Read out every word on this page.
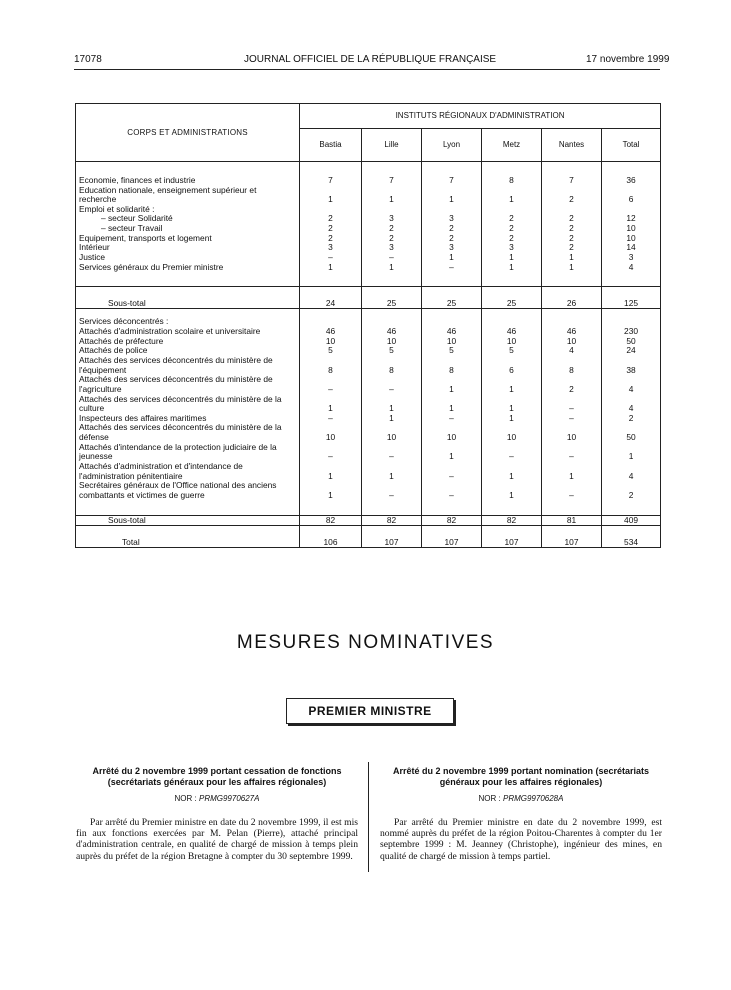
17078	JOURNAL OFFICIEL DE LA RÉPUBLIQUE FRANÇAISE	17 novembre 1999
CORPS ET ADMINISTRATIONS	INSTITUTS RÉGIONAUX D'ADMINISTRATION					
	Bastia	Lille	Lyon	Metz	Nantes	Total
Economie, finances et industrie	7	7	7	8	7	36
Education nationale, enseignement supérieur et recherche	1	1	1	1	2	6
Emploi et solidarité :						
– secteur Solidarité	2	3	3	2	2	12
– secteur Travail	2	2	2	2	2	10
Equipement, transports et logement	2	2	2	2	2	10
Intérieur	3	3	3	3	2	14
Justice	–	–	1	1	1	3
Services généraux du Premier ministre	1	1	–	1	1	4

Sous-total	24	25	25	25	26	125
Services déconcentrés :						
Attachés d'administration scolaire et universitaire	46	46	46	46	46	230
Attachés de préfecture	10	10	10	10	10	50
Attachés de police	5	5	5	5	4	24
Attachés des services déconcentrés du ministère de l'équipement	8	8	8	6	8	38
Attachés des services déconcentrés du ministère de l'agriculture	–	–	1	1	2	4
Attachés des services déconcentrés du ministère de la culture	1	1	1	1	–	4
Inspecteurs des affaires maritimes	–	1	–	1	–	2
Attachés des services déconcentrés du ministère de la défense	10	10	10	10	10	50
Attachés d'intendance de la protection judiciaire de la jeunesse	–	–	1	–	–	1
Attachés d'administration et d'intendance de l'administration pénitentiaire	1	1	–	1	1	4
Secrétaires généraux de l'Office national des anciens combattants et victimes de guerre	1	–	–	1	–	2

Sous-total	82	82	82	82	81	409
Total	106	107	107	107	107	534
MESURES NOMINATIVES
PREMIER MINISTRE
Arrêté du 2 novembre 1999 portant cessation de fonctions (secrétariats généraux pour les affaires régionales)
NOR : PRMG9970627A
Par arrêté du Premier ministre en date du 2 novembre 1999, il est mis fin aux fonctions exercées par M. Pelan (Pierre), attaché principal d'administration centrale, en qualité de chargé de mission à temps plein auprès du préfet de la région Bretagne à compter du 30 septembre 1999.
Arrêté du 2 novembre 1999 portant nomination (secrétariats généraux pour les affaires régionales)
NOR : PRMG9970628A
Par arrêté du Premier ministre en date du 2 novembre 1999, est nommé auprès du préfet de la région Poitou-Charentes à compter du 1er septembre 1999 : M. Jeanney (Christophe), ingénieur des mines, en qualité de chargé de mission à temps partiel.
